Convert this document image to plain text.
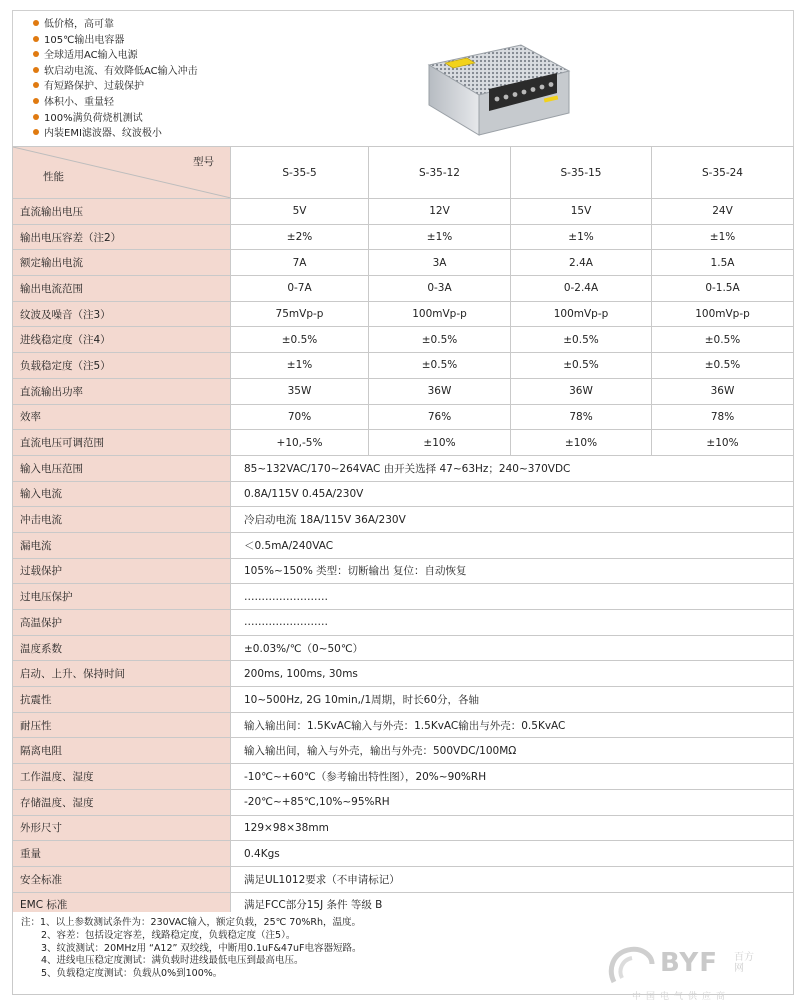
低价格，高可靠
105℃输出电容器
全球适用AC输入电源
软启动电流、有效降低AC输入冲击
有短路保护、过载保护
体积小、重量轻
100%满负荷烧机测试
内装EMI滤波器、纹波极小
型号
性能	S-35-5	S-35-12	S-35-15	S-35-24
直流输出电压	5V	12V	15V	24V
输出电压容差（注2）	±2%	±1%	±1%	±1%
额定输出电流	7A	3A	2.4A	1.5A
输出电流范围	0-7A	0-3A	0-2.4A	0-1.5A
纹波及噪音（注3）	75mVp-p	100mVp-p	100mVp-p	100mVp-p
进线稳定度（注4）	±0.5%	±0.5%	±0.5%	±0.5%
负载稳定度（注5）	±1%	±0.5%	±0.5%	±0.5%
直流输出功率	35W	36W	36W	36W
效率	70%	76%	78%	78%
直流电压可调范围	+10,-5%	±10%	±10%	±10%
输入电压范围	85~132VAC/170~264VAC 由开关选择 47~63Hz；240~370VDC			
输入电流	0.8A/115V 0.45A/230V			
冲击电流	冷启动电流 18A/115V 36A/230V			
漏电流	＜0.5mA/240VAC			
过载保护	105%~150% 类型：切断输出 复位：自动恢复			
过电压保护	……………………			
高温保护	……………………			
温度系数	±0.03%/℃（0~50℃）			
启动、上升、保持时间	200ms, 100ms, 30ms			
抗震性	10~500Hz, 2G 10min,/1周期，时长60分，各轴			
耐压性	输入输出间：1.5KvAC输入与外壳：1.5KvAC输出与外壳：0.5KvAC			
隔离电阻	输入输出间，输入与外壳，输出与外壳：500VDC/100MΩ			
工作温度、湿度	-10℃~+60℃（参考输出特性图），20%~90%RH			
存储温度、湿度	-20℃~+85℃,10%~95%RH			
外形尺寸	129×98×38mm			
重量	0.4Kgs			
安全标准	满足UL1012要求（不申请标记）			
EMC 标准	满足FCC部分15J 条件 等级 B			
注：1、以上参数测试条件为：230VAC输入，额定负载，25℃ 70%Rh，温度。
2、容差：包括设定容差，线路稳定度，负载稳定度（注5）。
3、纹波测试：20MHz用 “A12” 双绞线，中断用0.1uF&47uF电容器短路。
4、进线电压稳定度测试：满负载时进线最低电压到最高电压。
5、负载稳定度测试：负载从0%到100%。	BYF 百方网
中国电气供应商
